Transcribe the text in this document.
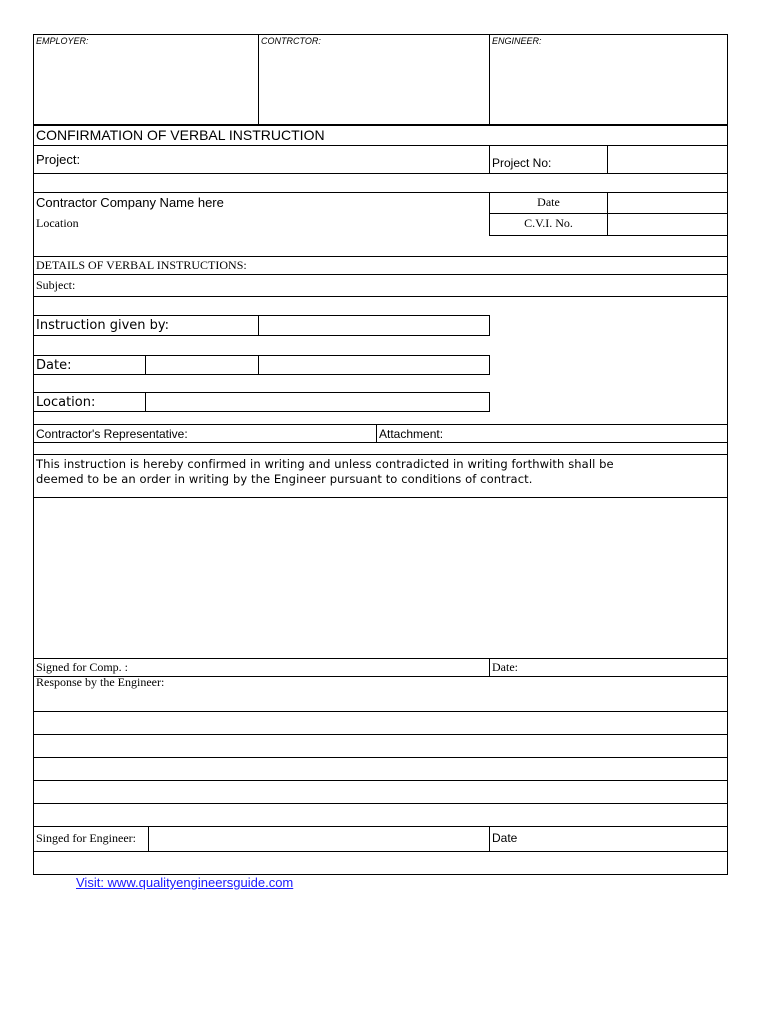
EMPLOYER:	CONTRCTOR:	ENGINEER:
CONFIRMATION OF VERBAL INSTRUCTION
Project:	Project No:
Contractor Company Name here
Location
Date
C.V.I. No.
DETAILS OF VERBAL INSTRUCTIONS:
Subject:
Instruction given by:
Date:
Location:
Contractor's Representative:	Attachment:
This instruction is hereby confirmed in writing and unless contradicted in writing forthwith shall be
deemed to be an order in writing by the Engineer pursuant to conditions of contract.
Signed for Comp. :	Date:
Response by the Engineer:
Singed for Engineer:	Date
Visit: www.qualityengineersguide.com
